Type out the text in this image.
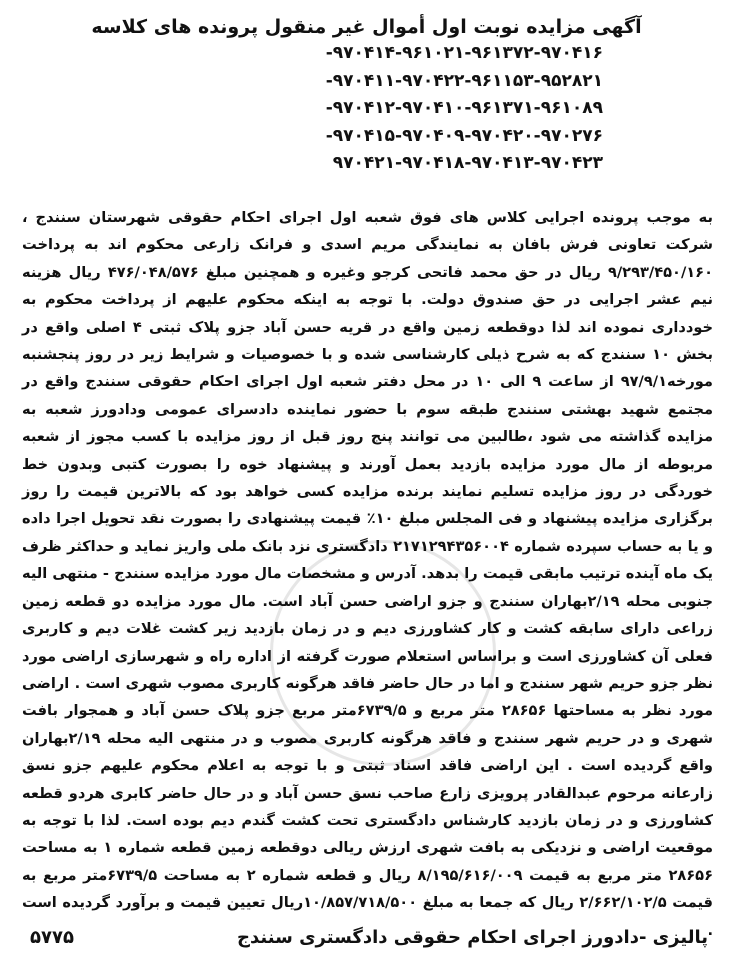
آگهی مزایده نوبت اول أموال غیر منقول پرونده های کلاسه
-۹۷۰۴۱۴-۹۶۱۰۲۱-۹۶۱۳۷۲-۹۷۰۴۱۶
-۹۷۰۴۱۱-۹۷۰۴۲۲-۹۶۱۱۵۳-۹۵۲۸۲۱
-۹۷۰۴۱۲-۹۷۰۴۱۰-۹۶۱۳۷۱-۹۶۱۰۸۹
-۹۷۰۴۱۵-۹۷۰۴۰۹-۹۷۰۴۲۰-۹۷۰۲۷۶
۹۷۰۴۲۱-۹۷۰۴۱۸-۹۷۰۴۱۳-۹۷۰۴۲۳
به موجب پرونده اجرایی کلاس های فوق شعبه اول اجرای احکام حقوقی شهرستان سنندج ، شرکت تعاونی فرش بافان به نمایندگی مریم اسدی و فرانک زارعی محکوم اند به پرداخت ۹/۲۹۳/۴۵۰/۱۶۰ ریال در حق محمد فاتحی کرجو وغیره و همچنین مبلغ ۴۷۶/۰۴۸/۵۷۶ ریال هزینه نیم عشر اجرایی در حق صندوق دولت. با توجه به اینکه محکوم علیهم از پرداخت محکوم به خودداری نموده اند لذا دوقطعه زمین واقع در قریه حسن آباد جزو پلاک ثبتی ۴ اصلی واقع در بخش ۱۰ سنندج که به شرح ذیلی کارشناسی شده و با خصوصیات و شرایط زیر در روز پنجشنبه مورخه۹۷/۹/۱ از ساعت ۹ الی ۱۰ در محل دفتر شعبه اول اجرای احکام حقوقی سنندج واقع در مجتمع شهید بهشتی سنندج طبقه سوم با حضور نماینده دادسرای عمومی ودادورز شعبه به مزایده گذاشته می شود ،طالبین می توانند پنج روز قبل از روز مزایده با کسب مجوز از شعبه مربوطه از مال مورد مزایده بازدید بعمل آورند و پیشنهاد خوه را بصورت کتبی وبدون خط خوردگی در روز مزایده تسلیم نمایند برنده مزایده کسی خواهد بود که بالاترین قیمت را روز برگزاری مزایده پیشنهاد و فی المجلس مبلغ ۱۰٪ قیمت پیشنهادی را بصورت نقد تحویل اجرا داده و یا به حساب سپرده شماره ۲۱۷۱۲۹۴۳۵۶۰۰۴ دادگستری نزد بانک ملی واریز نماید و حداکثر ظرف یک ماه آینده ترتیب مابقی قیمت را بدهد. آدرس و مشخصات مال مورد مزایده سنندج - منتهی الیه جنوبی محله ۲/۱۹بهاران سنندج و جزو اراضی حسن آباد است. مال مورد مزایده دو قطعه زمین زراعی دارای سابقه کشت و کار کشاورزی دیم و در زمان بازدید زیر کشت غلات دیم و کاربری فعلی آن کشاورزی است و براساس استعلام صورت گرفته از اداره راه و شهرسازی اراضی مورد نظر جزو حریم شهر سنندج و اما در حال حاضر فاقد هرگونه کاربری مصوب شهری است . اراضی مورد نظر به مساحتها ۲۸۶۵۶ متر مربع و ۶۷۳۹/۵متر مربع جزو پلاک حسن آباد و همجوار بافت شهری و در حریم شهر سنندج و فاقد هرگونه کاربری مصوب و در منتهی الیه محله ۲/۱۹بهاران واقع گردیده است . این اراضی فاقد اسناد ثبتی و با توجه به اعلام محکوم علیهم جزو نسق زارعانه مرحوم عبدالقادر پرویزی زارع صاحب نسق حسن آباد و در حال حاضر کابری هردو قطعه کشاورزی و در زمان بازدید کارشناس دادگستری تحت کشت گندم دیم بوده است. لذا با توجه به موقعیت اراضی و نزدیکی به بافت شهری ارزش ریالی دوقطعه زمین قطعه شماره ۱ به مساحت ۲۸۶۵۶ متر مربع به قیمت ۸/۱۹۵/۶۱۶/۰۰۹ ریال و قطعه شماره ۲ به مساحت ۶۷۳۹/۵متر مربع به قیمت ۲/۶۶۲/۱۰۲/۵ ریال که جمعا به مبلغ ۱۰/۸۵۷/۷۱۸/۵۰۰ریال تعیین قیمت و برآورد گردیده است .
پالیزی -دادورز اجرای احکام حقوقی دادگستری سنندج
۵۷۷۵
